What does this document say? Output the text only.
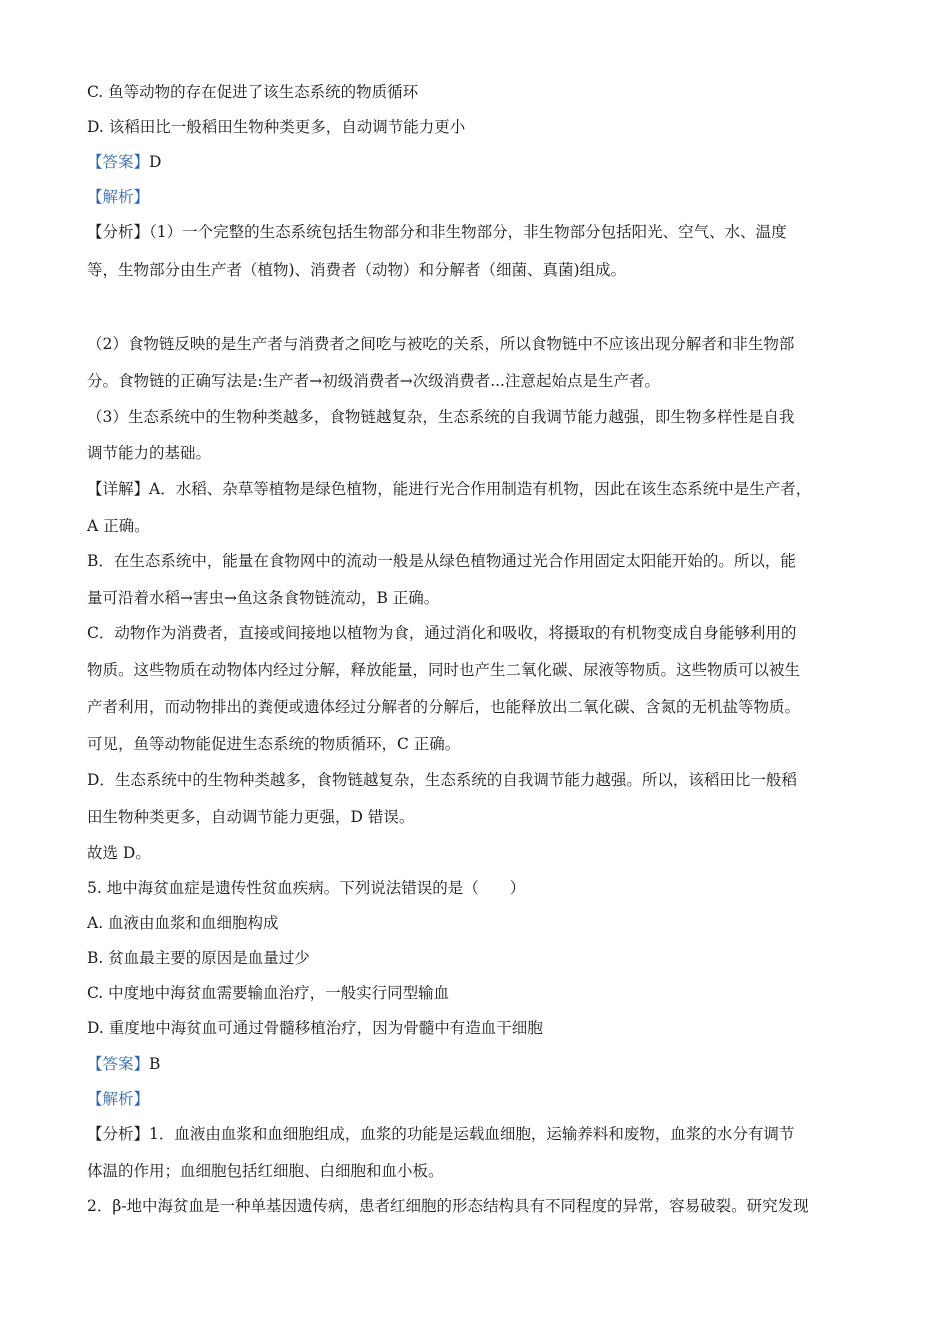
C. 鱼等动物的存在促进了该生态系统的物质循环
D. 该稻田比一般稻田生物种类更多，自动调节能力更小
【答案】D
【解析】
【分析】（1）一个完整的生态系统包括生物部分和非生物部分，非生物部分包括阳光、空气、水、温度
等，生物部分由生产者（植物)、消费者（动物）和分解者（细菌、真菌)组成。
（2）食物链反映的是生产者与消费者之间吃与被吃的关系，所以食物链中不应该出现分解者和非生物部
分。食物链的正确写法是:生产者→初级消费者→次级消费者...注意起始点是生产者。
（3）生态系统中的生物种类越多，食物链越复杂，生态系统的自我调节能力越强，即生物多样性是自我
调节能力的基础。
【详解】A．水稻、杂草等植物是绿色植物，能进行光合作用制造有机物，因此在该生态系统中是生产者，
A 正确。
B．在生态系统中，能量在食物网中的流动一般是从绿色植物通过光合作用固定太阳能开始的。所以，能
量可沿着水稻→害虫→鱼这条食物链流动，B 正确。
C．动物作为消费者，直接或间接地以植物为食，通过消化和吸收，将摄取的有机物变成自身能够利用的
物质。这些物质在动物体内经过分解，释放能量，同时也产生二氧化碳、尿液等物质。这些物质可以被生
产者利用，而动物排出的粪便或遗体经过分解者的分解后，也能释放出二氧化碳、含氮的无机盐等物质。
可见，鱼等动物能促进生态系统的物质循环，C 正确。
D．生态系统中的生物种类越多，食物链越复杂，生态系统的自我调节能力越强。所以，该稻田比一般稻
田生物种类更多，自动调节能力更强，D 错误。
故选 D。
5. 地中海贫血症是遗传性贫血疾病。下列说法错误的是（　　）
A. 血液由血浆和血细胞构成
B. 贫血最主要的原因是血量过少
C. 中度地中海贫血需要输血治疗，一般实行同型输血
D. 重度地中海贫血可通过骨髓移植治疗，因为骨髓中有造血干细胞
【答案】B
【解析】
【分析】1．血液由血浆和血细胞组成，血浆的功能是运载血细胞，运输养料和废物，血浆的水分有调节
体温的作用；血细胞包括红细胞、白细胞和血小板。
2．β-地中海贫血是一种单基因遗传病，患者红细胞的形态结构具有不同程度的异常，容易破裂。研究发现
